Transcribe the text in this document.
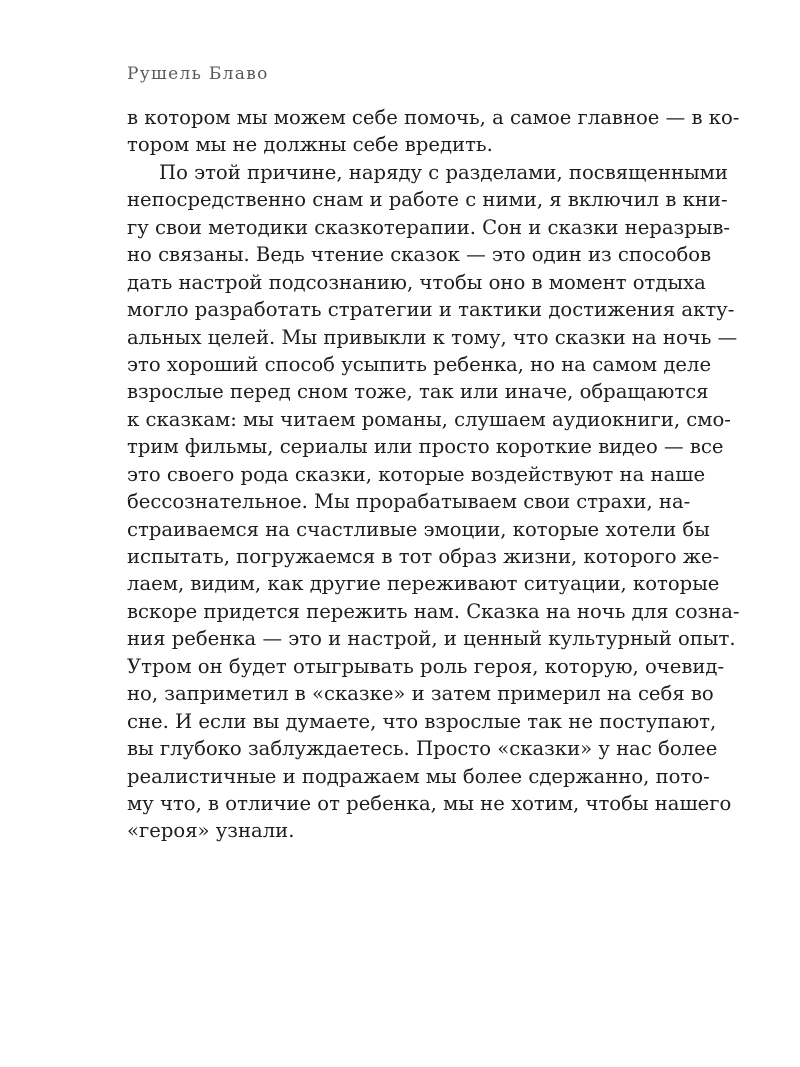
Рушель Блаво
в котором мы можем себе помочь, а самое главное — в ко-
тором мы не должны себе вредить.
По этой причине, наряду с разделами, посвященными
непосредственно снам и работе с ними, я включил в кни-
гу свои методики сказкотерапии. Сон и сказки неразрыв-
но связаны. Ведь чтение сказок — это один из способов
дать настрой подсознанию, чтобы оно в момент отдыха
могло разработать стратегии и тактики достижения акту-
альных целей. Мы привыкли к тому, что сказки на ночь —
это хороший способ усыпить ребенка, но на самом деле
взрослые перед сном тоже, так или иначе, обращаются
к сказкам: мы читаем романы, слушаем аудиокниги, смо-
трим фильмы, сериалы или просто короткие видео — все
это своего рода сказки, которые воздействуют на наше
бессознательное. Мы прорабатываем свои страхи, на-
страиваемся на счастливые эмоции, которые хотели бы
испытать, погружаемся в тот образ жизни, которого же-
лаем, видим, как другие переживают ситуации, которые
вскоре придется пережить нам. Сказка на ночь для созна-
ния ребенка — это и настрой, и ценный культурный опыт.
Утром он будет отыгрывать роль героя, которую, очевид-
но, заприметил в «сказке» и затем примерил на себя во
сне. И если вы думаете, что взрослые так не поступают,
вы глубоко заблуждаетесь. Просто «сказки» у нас более
реалистичные и подражаем мы более сдержанно, пото-
му что, в отличие от ребенка, мы не хотим, чтобы нашего
«героя» узнали.
